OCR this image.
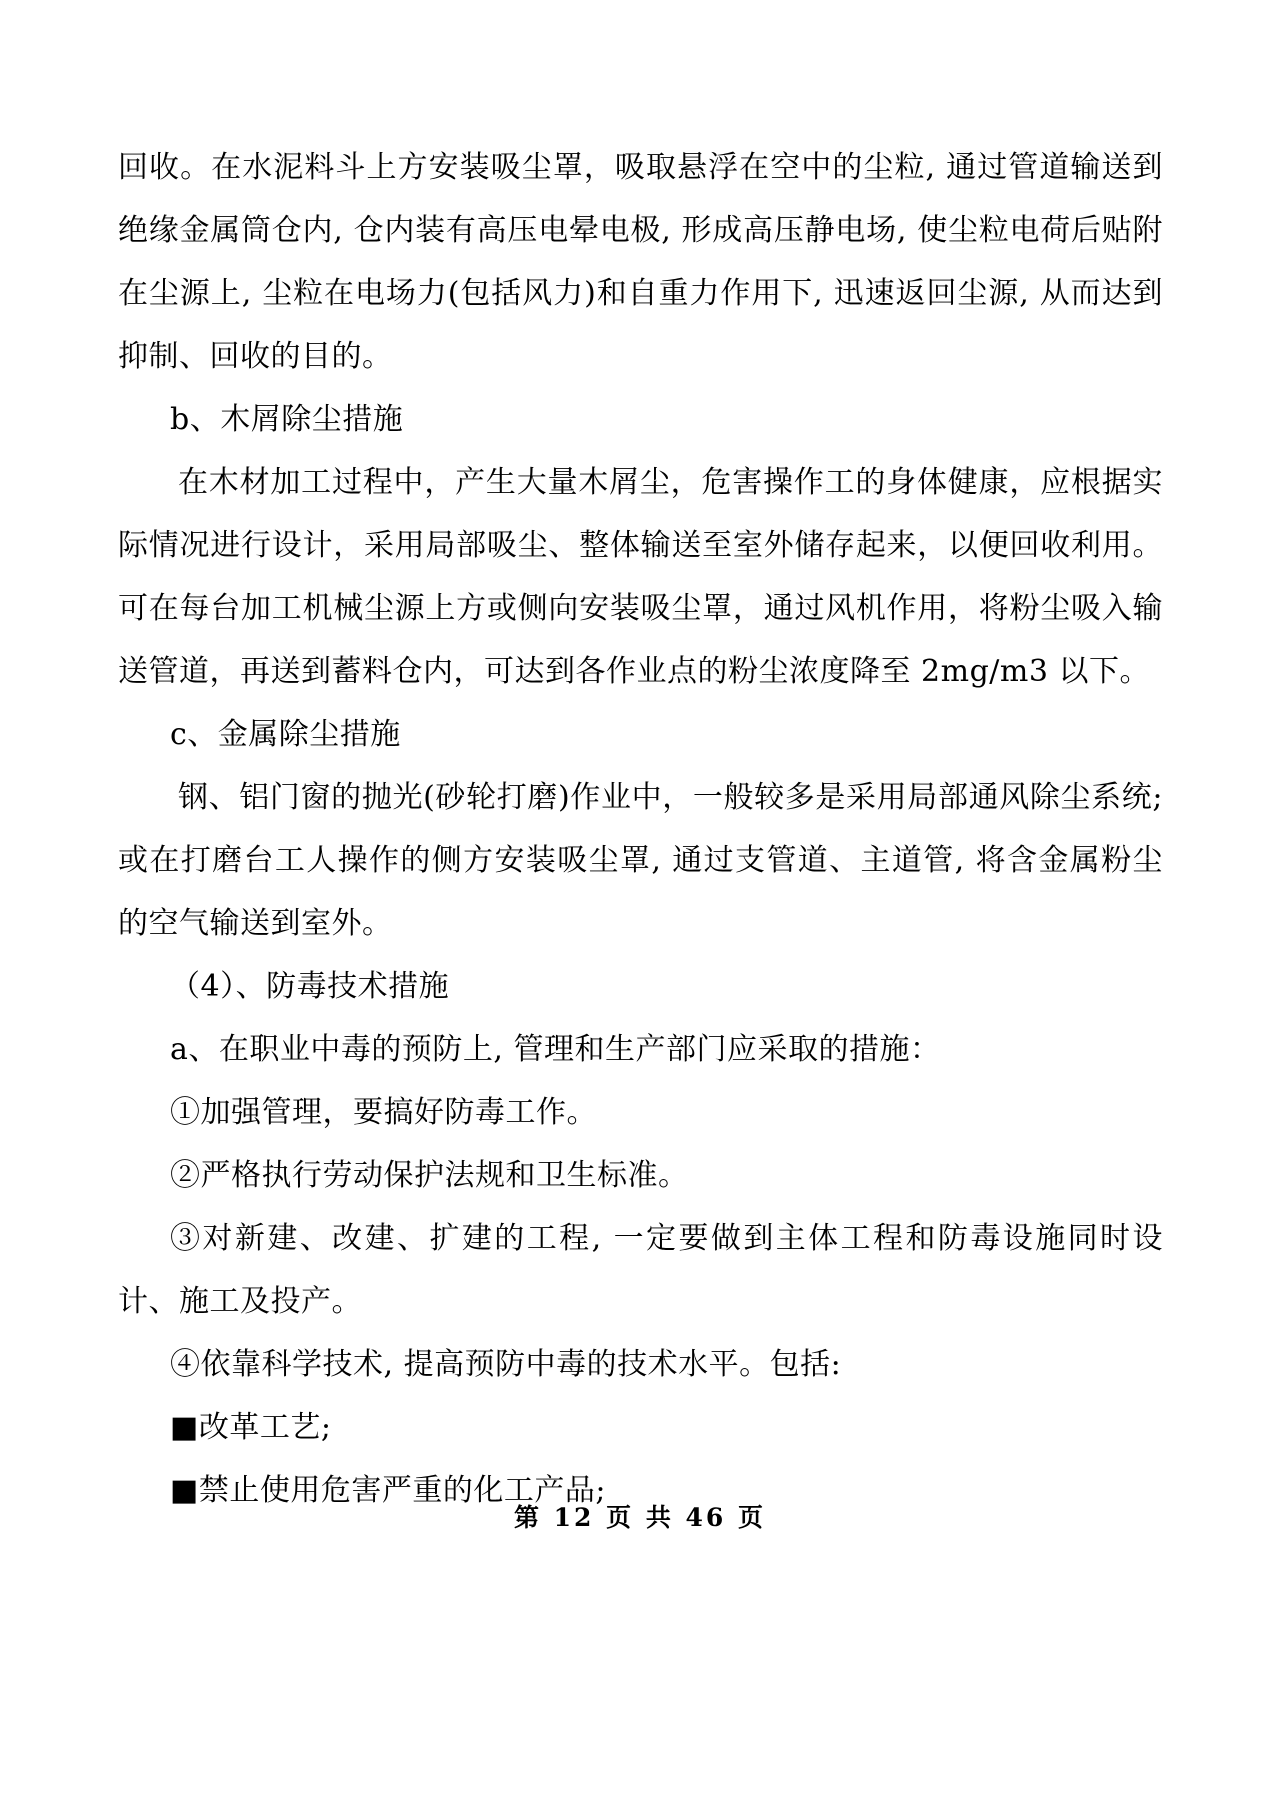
回收。在水泥料斗上方安装吸尘罩，吸取悬浮在空中的尘粒, 通过管道输送到绝缘金属筒仓内, 仓内装有高压电晕电极, 形成高压静电场, 使尘粒电荷后贴附在尘源上, 尘粒在电场力(包括风力)和自重力作用下, 迅速返回尘源, 从而达到抑制、回收的目的。

b、木屑除尘措施

在木材加工过程中，产生大量木屑尘，危害操作工的身体健康，应根据实际情况进行设计，采用局部吸尘、整体输送至室外储存起来，以便回收利用。可在每台加工机械尘源上方或侧向安装吸尘罩，通过风机作用，将粉尘吸入输送管道，再送到蓄料仓内，可达到各作业点的粉尘浓度降至 2mg/m3 以下。

c、金属除尘措施

钢、铝门窗的抛光(砂轮打磨)作业中，一般较多是采用局部通风除尘系统; 或在打磨台工人操作的侧方安装吸尘罩, 通过支管道、主道管, 将含金属粉尘的空气输送到室外。

（4）、防毒技术措施

a、在职业中毒的预防上, 管理和生产部门应采取的措施：

①加强管理，要搞好防毒工作。

②严格执行劳动保护法规和卫生标准。

③对新建、改建、扩建的工程, 一定要做到主体工程和防毒设施同时设计、施工及投产。

④依靠科学技术, 提高预防中毒的技术水平。包括:

■改革工艺;

■禁止使用危害严重的化工产品;

第 12 页 共 46 页
